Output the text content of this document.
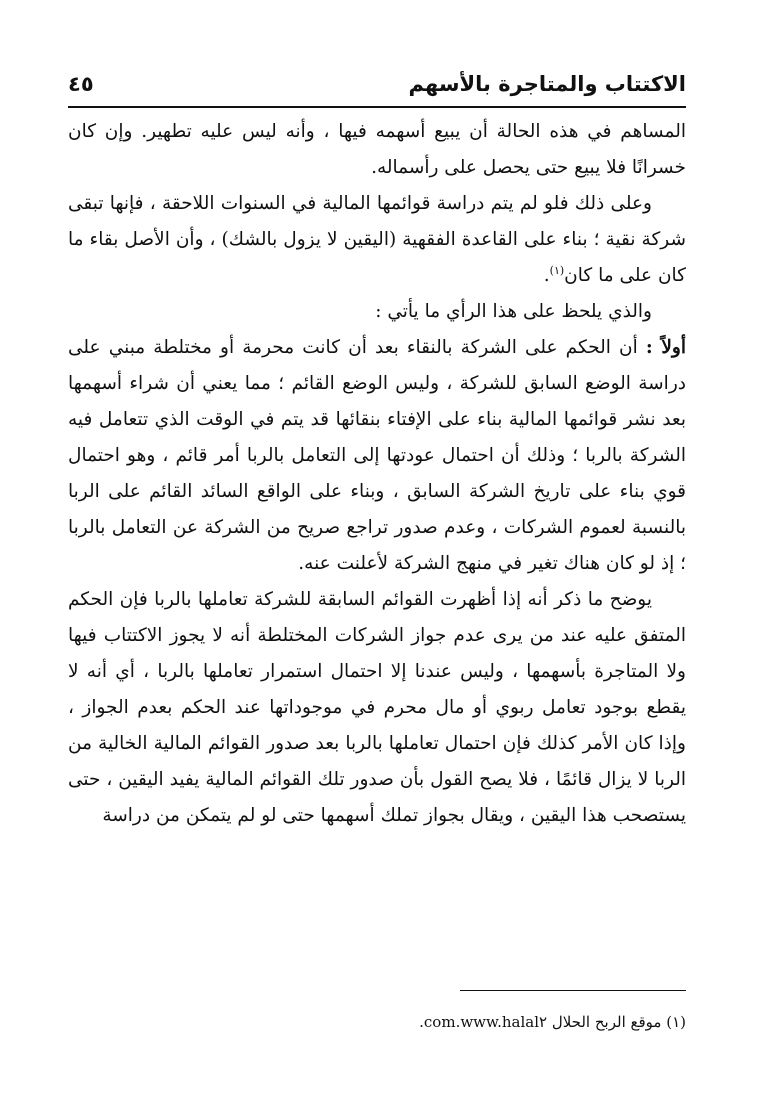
الاكتتاب والمتاجرة بالأسهم
٤٥

المساهم في هذه الحالة أن يبيع أسهمه فيها ، وأنه ليس عليه تطهير. وإن كان خسرانًا فلا يبيع حتى يحصل على رأسماله.

وعلى ذلك فلو لم يتم دراسة قوائمها المالية في السنوات اللاحقة ، فإنها تبقى شركة نقية ؛ بناء على القاعدة الفقهية (اليقين لا يزول بالشك) ، وأن الأصل بقاء ما كان على ما كان$^{(١)}$.

والذي يلحظ على هذا الرأي ما يأتي :

أولاً : أن الحكم على الشركة بالنقاء بعد أن كانت محرمة أو مختلطة مبني على دراسة الوضع السابق للشركة ، وليس الوضع القائم ؛ مما يعني أن شراء أسهمها بعد نشر قوائمها المالية بناء على الإفتاء بنقائها قد يتم في الوقت الذي تتعامل فيه الشركة بالربا ؛ وذلك أن احتمال عودتها إلى التعامل بالربا أمر قائم ، وهو احتمال قوي بناء على تاريخ الشركة السابق ، وبناء على الواقع السائد القائم على الربا بالنسبة لعموم الشركات ، وعدم صدور تراجع صريح من الشركة عن التعامل بالربا ؛ إذ لو كان هناك تغير في منهج الشركة لأعلنت عنه.

يوضح ما ذكر أنه إذا أظهرت القوائم السابقة للشركة تعاملها بالربا فإن الحكم المتفق عليه عند من يرى عدم جواز الشركات المختلطة أنه لا يجوز الاكتتاب فيها ولا المتاجرة بأسهمها ، وليس عندنا إلا احتمال استمرار تعاملها بالربا ، أي أنه لا يقطع بوجود تعامل ربوي أو مال محرم في موجوداتها عند الحكم بعدم الجواز ، وإذا كان الأمر كذلك فإن احتمال تعاملها بالربا بعد صدور القوائم المالية الخالية من الربا لا يزال قائمًا ، فلا يصح القول بأن صدور تلك القوائم المالية يفيد اليقين ، حتى يستصحب هذا اليقين ، ويقال بجواز تملك أسهمها حتى لو لم يتمكن من دراسة

(١) موقع الربح الحلال www.halal٢.com.
